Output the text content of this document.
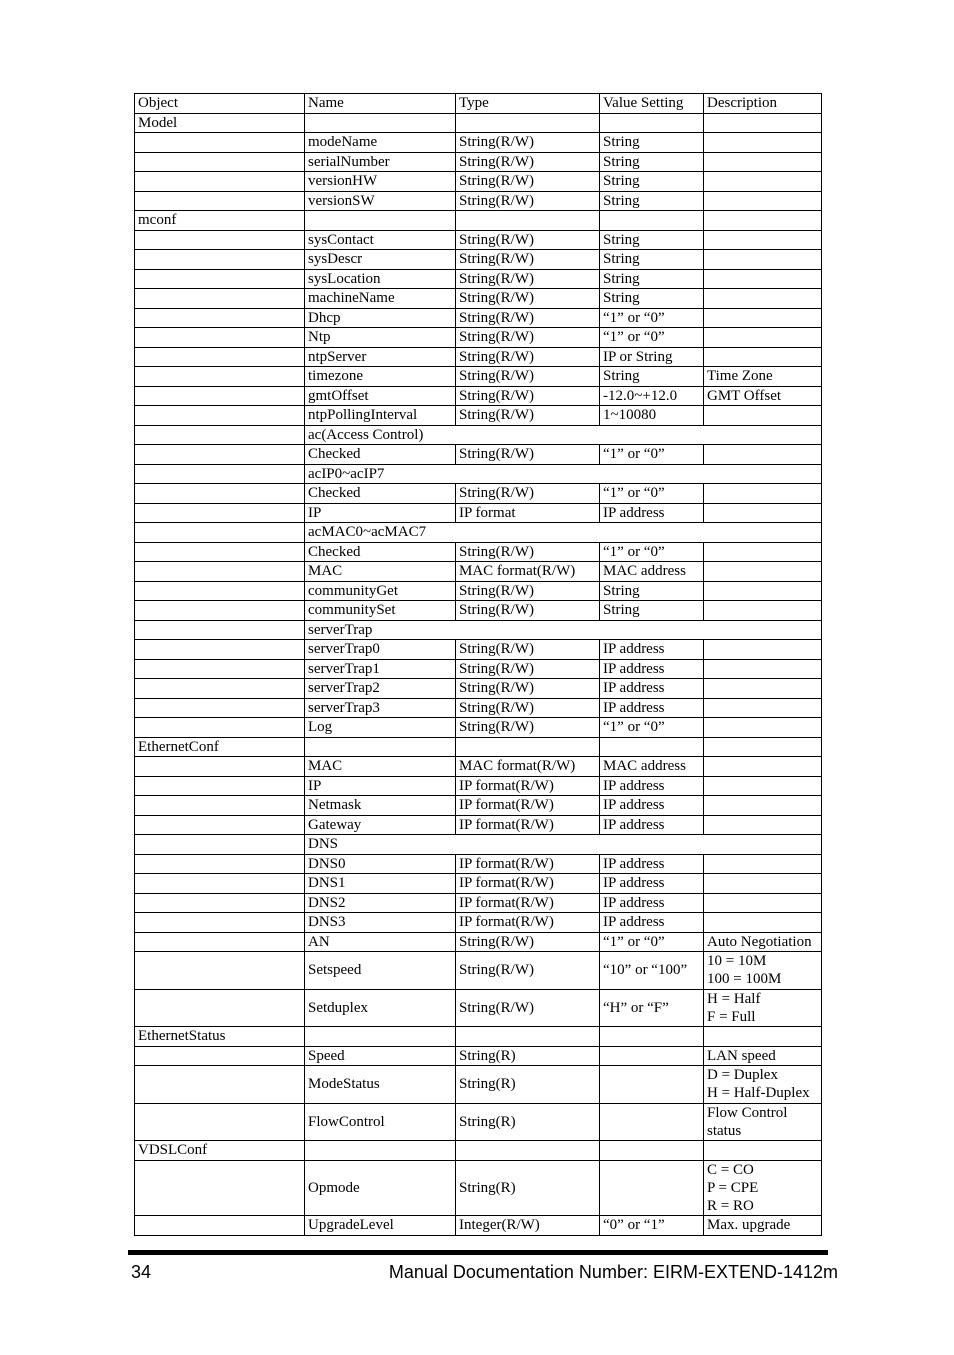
Object	Name	Type	Value Setting	Description
Model				
	modeName	String(R/W)	String	
	serialNumber	String(R/W)	String	
	versionHW	String(R/W)	String	
	versionSW	String(R/W)	String	
mconf				
	sysContact	String(R/W)	String	
	sysDescr	String(R/W)	String	
	sysLocation	String(R/W)	String	
	machineName	String(R/W)	String	
	Dhcp	String(R/W)	“1” or “0”	
	Ntp	String(R/W)	“1” or “0”	
	ntpServer	String(R/W)	IP or String	
	timezone	String(R/W)	String	Time Zone
	gmtOffset	String(R/W)	-12.0~+12.0	GMT Offset
	ntpPollingInterval	String(R/W)	1~10080	
	ac(Access Control)			
	Checked	String(R/W)	“1” or “0”	
	acIP0~acIP7			
	Checked	String(R/W)	“1” or “0”	
	IP	IP format	IP address	
	acMAC0~acMAC7			
	Checked	String(R/W)	“1” or “0”	
	MAC	MAC format(R/W)	MAC address	
	communityGet	String(R/W)	String	
	communitySet	String(R/W)	String	
	serverTrap			
	serverTrap0	String(R/W)	IP address	
	serverTrap1	String(R/W)	IP address	
	serverTrap2	String(R/W)	IP address	
	serverTrap3	String(R/W)	IP address	
	Log	String(R/W)	“1” or “0”	
EthernetConf				
	MAC	MAC format(R/W)	MAC address	
	IP	IP format(R/W)	IP address	
	Netmask	IP format(R/W)	IP address	
	Gateway	IP format(R/W)	IP address	
	DNS			
	DNS0	IP format(R/W)	IP address	
	DNS1	IP format(R/W)	IP address	
	DNS2	IP format(R/W)	IP address	
	DNS3	IP format(R/W)	IP address	
	AN	String(R/W)	“1” or “0”	Auto Negotiation
	Setspeed	String(R/W)	“10” or “100”	10 = 10M
100 = 100M
	Setduplex	String(R/W)	“H” or “F”	H = Half
F = Full
EthernetStatus				
	Speed	String(R)		LAN speed
	ModeStatus	String(R)		D = Duplex
H = Half-Duplex
	FlowControl	String(R)		Flow Control
status
VDSLConf				
	Opmode	String(R)		C = CO
P = CPE
R = RO
	UpgradeLevel	Integer(R/W)	“0” or “1”	Max. upgrade
34	Manual Documentation Number: EIRM-EXTEND-1412m
